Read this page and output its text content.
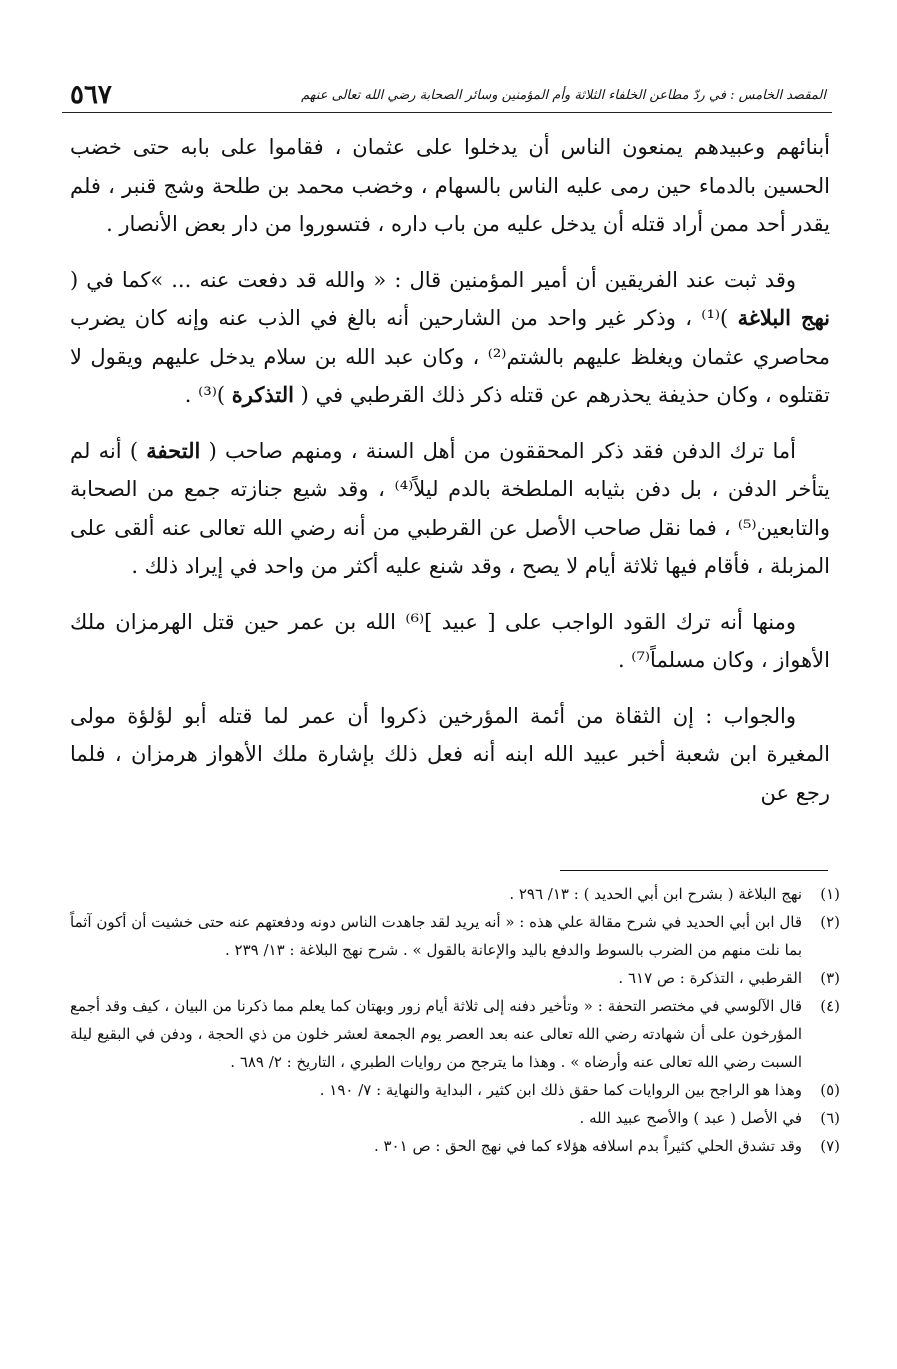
٥٦٧	المقصد الخامس : في ردّ مطاعن الخلفاء الثلاثة وأم المؤمنين وسائر الصحابة رضي الله تعالى عنهم

أبنائهم وعبيدهم يمنعون الناس أن يدخلوا على عثمان ، فقاموا على بابه حتى خضب الحسين بالدماء حين رمى عليه الناس بالسهام ، وخضب محمد بن طلحة وشج قنبر ، فلم يقدر أحد ممن أراد قتله أن يدخل عليه من باب داره ، فتسوروا من دار بعض الأنصار .

وقد ثبت عند الفريقين أن أمير المؤمنين قال : « والله قد دفعت عنه ... »كما في ( نهج البلاغة )⁽¹⁾ ، وذكر غير واحد من الشارحين أنه بالغ في الذب عنه وإنه كان يضرب محاصري عثمان ويغلظ عليهم بالشتم⁽²⁾ ، وكان عبد الله بن سلام يدخل عليهم ويقول لا تقتلوه ، وكان حذيفة يحذرهم عن قتله ذكر ذلك القرطبي في ( التذكرة )⁽³⁾ .

أما ترك الدفن فقد ذكر المحققون من أهل السنة ، ومنهم صاحب ( التحفة ) أنه لم يتأخر الدفن ، بل دفن بثيابه الملطخة بالدم ليلاً⁽⁴⁾ ، وقد شيع جنازته جمع من الصحابة والتابعين⁽⁵⁾ ، فما نقل صاحب الأصل عن القرطبي من أنه رضي الله تعالى عنه ألقى على المزبلة ، فأقام فيها ثلاثة أيام لا يصح ، وقد شنع عليه أكثر من واحد في إيراد ذلك .

ومنها أنه ترك القود الواجب على [ عبيد ]⁽⁶⁾ الله بن عمر حين قتل الهرمزان ملك الأهواز ، وكان مسلماً⁽⁷⁾ .

والجواب : إن الثقاة من أئمة المؤرخين ذكروا أن عمر لما قتله أبو لؤلؤة مولى المغيرة ابن شعبة أخبر عبيد الله ابنه أنه فعل ذلك بإشارة ملك الأهواز هرمزان ، فلما رجع عن

(١)
نهج البلاغة ( بشرح ابن أبي الحديد ) : ١٣/ ٢٩٦ .
(٢)
قال ابن أبي الحديد في شرح مقالة علي هذه : « أنه يريد لقد جاهدت الناس دونه ودفعتهم عنه حتى خشيت أن أكون آثماً بما نلت منهم من الضرب بالسوط والدفع باليد والإعانة بالقول » . شرح نهج البلاغة : ١٣/ ٢٣٩ .
(٣)
القرطبي ، التذكرة : ص ٦١٧ .
(٤)
قال الآلوسي في مختصر التحفة : « وتأخير دفنه إلى ثلاثة أيام زور وبهتان كما يعلم مما ذكرنا من البيان ، كيف وقد أجمع المؤرخون على أن شهادته رضي الله تعالى عنه بعد العصر يوم الجمعة لعشر خلون من ذي الحجة ، ودفن في البقيع ليلة السبت رضي الله تعالى عنه وأرضاه » . وهذا ما يترجح من روايات الطبري ، التاريخ : ٢/ ٦٨٩ .
(٥)
وهذا هو الراجح بين الروايات كما حقق ذلك ابن كثير ، البداية والنهاية : ٧/ ١٩٠ .
(٦)
في الأصل ( عبد ) والأصح عبيد الله .
(٧)
وقد تشدق الحلي كثيراً بدم اسلافه هؤلاء كما في نهج الحق : ص ٣٠١ .
